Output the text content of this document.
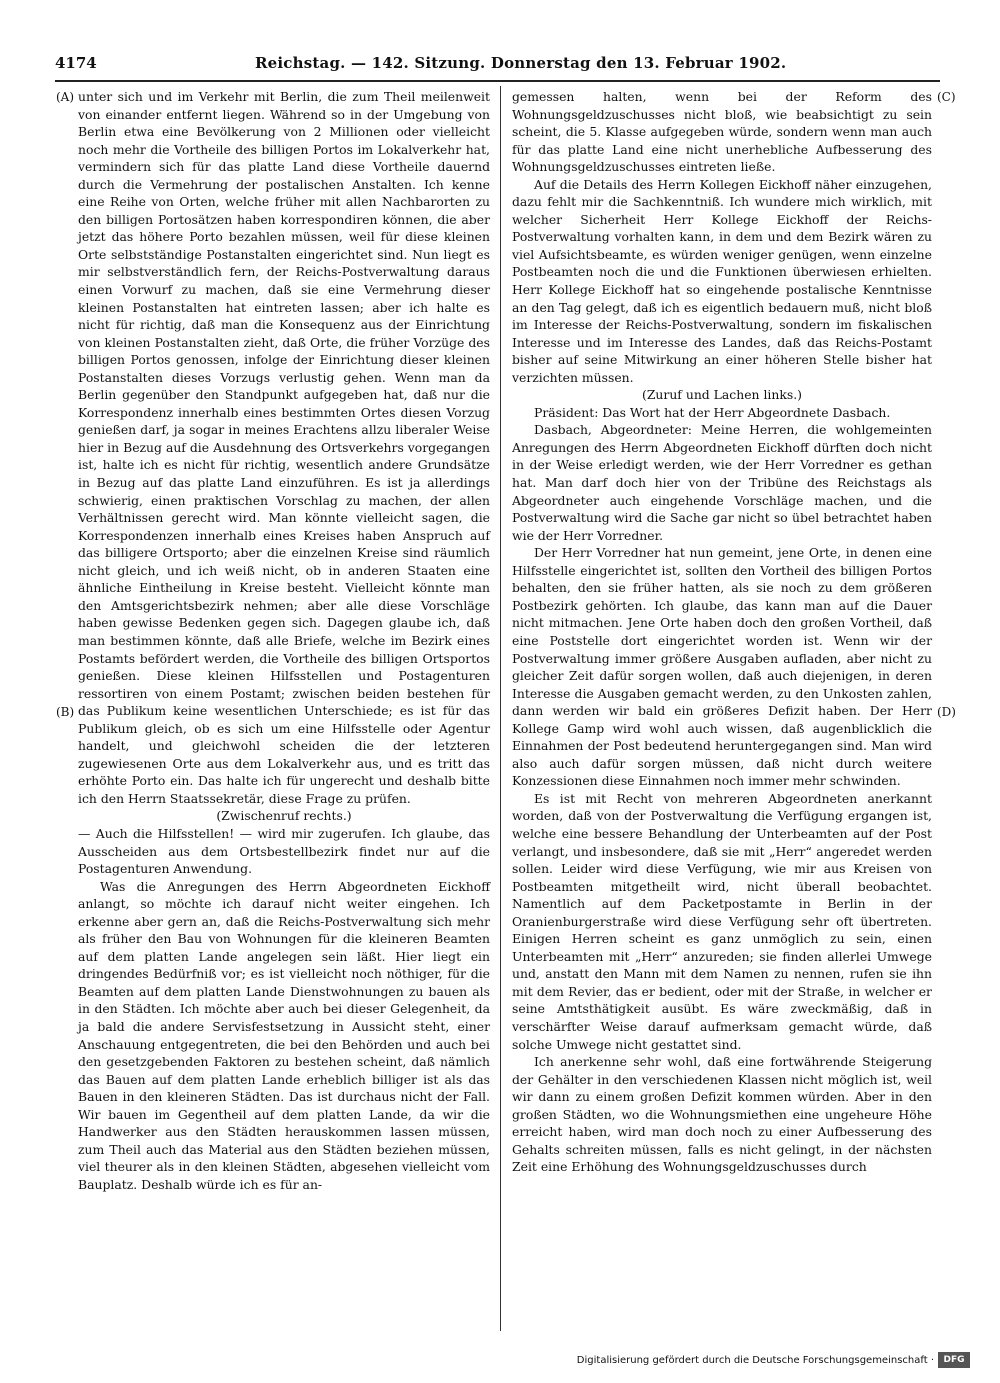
4174	Reichstag. — 142. Sitzung. Donnerstag den 13. Februar 1902.
(A)
(B)
(C)
(D)

unter sich und im Verkehr mit Berlin, die zum Theil meilenweit von einander entfernt liegen. Während so in der Umgebung von Berlin etwa eine Bevölkerung von 2 Millionen oder vielleicht noch mehr die Vortheile des billigen Portos im Lokalverkehr hat, vermindern sich für das platte Land diese Vortheile dauernd durch die Vermehrung der postalischen Anstalten. Ich kenne eine Reihe von Orten, welche früher mit allen Nachbarorten zu den billigen Portosätzen haben korrespondiren können, die aber jetzt das höhere Porto bezahlen müssen, weil für diese kleinen Orte selbstständige Postanstalten eingerichtet sind. Nun liegt es mir selbstverständlich fern, der Reichs-Postverwaltung daraus einen Vorwurf zu machen, daß sie eine Vermehrung dieser kleinen Postanstalten hat eintreten lassen; aber ich halte es nicht für richtig, daß man die Konsequenz aus der Einrichtung von kleinen Postanstalten zieht, daß Orte, die früher Vorzüge des billigen Portos genossen, infolge der Einrichtung dieser kleinen Postanstalten dieses Vorzugs verlustig gehen. Wenn man da Berlin gegenüber den Standpunkt aufgegeben hat, daß nur die Korrespondenz innerhalb eines bestimmten Ortes diesen Vorzug genießen darf, ja sogar in meines Erachtens allzu liberaler Weise hier in Bezug auf die Ausdehnung des Ortsverkehrs vorgegangen ist, halte ich es nicht für richtig, wesentlich andere Grundsätze in Bezug auf das platte Land einzuführen. Es ist ja allerdings schwierig, einen praktischen Vorschlag zu machen, der allen Verhältnissen gerecht wird. Man könnte vielleicht sagen, die Korrespondenzen innerhalb eines Kreises haben Anspruch auf das billigere Ortsporto; aber die einzelnen Kreise sind räumlich nicht gleich, und ich weiß nicht, ob in anderen Staaten eine ähnliche Eintheilung in Kreise besteht. Vielleicht könnte man den Amtsgerichtsbezirk nehmen; aber alle diese Vorschläge haben gewisse Bedenken gegen sich. Dagegen glaube ich, daß man bestimmen könnte, daß alle Briefe, welche im Bezirk eines Postamts befördert werden, die Vortheile des billigen Ortsportos genießen. Diese kleinen Hilfsstellen und Postagenturen ressortiren von einem Postamt; zwischen beiden bestehen für das Publikum keine wesentlichen Unterschiede; es ist für das Publikum gleich, ob es sich um eine Hilfsstelle oder Agentur handelt, und gleichwohl scheiden die der letzteren zugewiesenen Orte aus dem Lokalverkehr aus, und es tritt das erhöhte Porto ein. Das halte ich für ungerecht und deshalb bitte ich den Herrn Staatssekretär, diese Frage zu prüfen.

(Zwischenruf rechts.)

— Auch die Hilfsstellen! — wird mir zugerufen. Ich glaube, das Ausscheiden aus dem Ortsbestellbezirk findet nur auf die Postagenturen Anwendung.

Was die Anregungen des Herrn Abgeordneten Eickhoff anlangt, so möchte ich darauf nicht weiter eingehen. Ich erkenne aber gern an, daß die Reichs-Postverwaltung sich mehr als früher den Bau von Wohnungen für die kleineren Beamten auf dem platten Lande angelegen sein läßt. Hier liegt ein dringendes Bedürfniß vor; es ist vielleicht noch nöthiger, für die Beamten auf dem platten Lande Dienstwohnungen zu bauen als in den Städten. Ich möchte aber auch bei dieser Gelegenheit, da ja bald die andere Servisfestsetzung in Aussicht steht, einer Anschauung entgegentreten, die bei den Behörden und auch bei den gesetzgebenden Faktoren zu bestehen scheint, daß nämlich das Bauen auf dem platten Lande erheblich billiger ist als das Bauen in den kleineren Städten. Das ist durchaus nicht der Fall. Wir bauen im Gegentheil auf dem platten Lande, da wir die Handwerker aus den Städten herauskommen lassen müssen, zum Theil auch das Material aus den Städten beziehen müssen, viel theurer als in den kleinen Städten, abgesehen vielleicht vom Bauplatz. Deshalb würde ich es für an-

gemessen halten, wenn bei der Reform des Wohnungsgeldzuschusses nicht bloß, wie beabsichtigt zu sein scheint, die 5. Klasse aufgegeben würde, sondern wenn man auch für das platte Land eine nicht unerhebliche Aufbesserung des Wohnungsgeldzuschusses eintreten ließe.

Auf die Details des Herrn Kollegen Eickhoff näher einzugehen, dazu fehlt mir die Sachkenntniß. Ich wundere mich wirklich, mit welcher Sicherheit Herr Kollege Eickhoff der Reichs-Postverwaltung vorhalten kann, in dem und dem Bezirk wären zu viel Aufsichtsbeamte, es würden weniger genügen, wenn einzelne Postbeamten noch die und die Funktionen überwiesen erhielten. Herr Kollege Eickhoff hat so eingehende postalische Kenntnisse an den Tag gelegt, daß ich es eigentlich bedauern muß, nicht bloß im Interesse der Reichs-Postverwaltung, sondern im fiskalischen Interesse und im Interesse des Landes, daß das Reichs-Postamt bisher auf seine Mitwirkung an einer höheren Stelle bisher hat verzichten müssen.

(Zuruf und Lachen links.)

Präsident: Das Wort hat der Herr Abgeordnete Dasbach.

Dasbach, Abgeordneter: Meine Herren, die wohlgemeinten Anregungen des Herrn Abgeordneten Eickhoff dürften doch nicht in der Weise erledigt werden, wie der Herr Vorredner es gethan hat. Man darf doch hier von der Tribüne des Reichstags als Abgeordneter auch eingehende Vorschläge machen, und die Postverwaltung wird die Sache gar nicht so übel betrachtet haben wie der Herr Vorredner.

Der Herr Vorredner hat nun gemeint, jene Orte, in denen eine Hilfsstelle eingerichtet ist, sollten den Vortheil des billigen Portos behalten, den sie früher hatten, als sie noch zu dem größeren Postbezirk gehörten. Ich glaube, das kann man auf die Dauer nicht mitmachen. Jene Orte haben doch den großen Vortheil, daß eine Poststelle dort eingerichtet worden ist. Wenn wir der Postverwaltung immer größere Ausgaben aufladen, aber nicht zu gleicher Zeit dafür sorgen wollen, daß auch diejenigen, in deren Interesse die Ausgaben gemacht werden, zu den Unkosten zahlen, dann werden wir bald ein größeres Defizit haben. Der Herr Kollege Gamp wird wohl auch wissen, daß augenblicklich die Einnahmen der Post bedeutend heruntergegangen sind. Man wird also auch dafür sorgen müssen, daß nicht durch weitere Konzessionen diese Einnahmen noch immer mehr schwinden.

Es ist mit Recht von mehreren Abgeordneten anerkannt worden, daß von der Postverwaltung die Verfügung ergangen ist, welche eine bessere Behandlung der Unterbeamten auf der Post verlangt, und insbesondere, daß sie mit „Herr“ angeredet werden sollen. Leider wird diese Verfügung, wie mir aus Kreisen von Postbeamten mitgetheilt wird, nicht überall beobachtet. Namentlich auf dem Packetpostamte in Berlin in der Oranienburgerstraße wird diese Verfügung sehr oft übertreten. Einigen Herren scheint es ganz unmöglich zu sein, einen Unterbeamten mit „Herr“ anzureden; sie finden allerlei Umwege und, anstatt den Mann mit dem Namen zu nennen, rufen sie ihn mit dem Revier, das er bedient, oder mit der Straße, in welcher er seine Amtsthätigkeit ausübt. Es wäre zweckmäßig, daß in verschärfter Weise darauf aufmerksam gemacht würde, daß solche Umwege nicht gestattet sind.

Ich anerkenne sehr wohl, daß eine fortwährende Steigerung der Gehälter in den verschiedenen Klassen nicht möglich ist, weil wir dann zu einem großen Defizit kommen würden. Aber in den großen Städten, wo die Wohnungsmiethen eine ungeheure Höhe erreicht haben, wird man doch noch zu einer Aufbesserung des Gehalts schreiten müssen, falls es nicht gelingt, in der nächsten Zeit eine Erhöhung des Wohnungsgeldzuschusses durch

Digitalisierung gefördert durch die Deutsche Forschungsgemeinschaft ·	DFG
